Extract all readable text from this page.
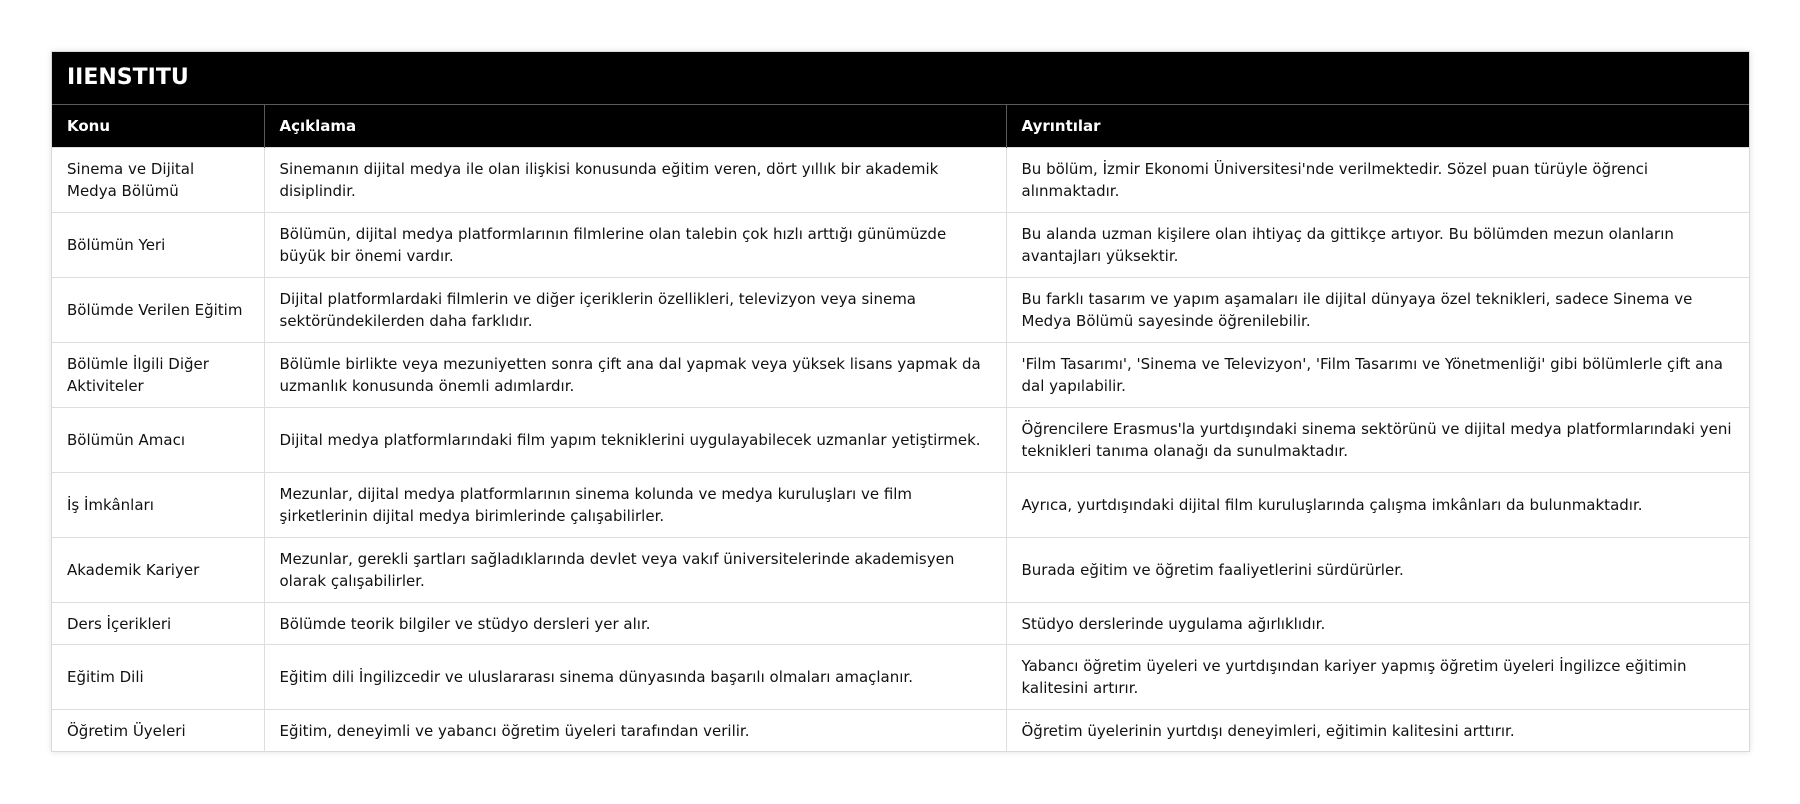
IIENSTITU
Konu	Açıklama	Ayrıntılar
Sinema ve Dijital Medya Bölümü	Sinemanın dijital medya ile olan ilişkisi konusunda eğitim veren, dört yıllık bir akademik disiplindir.	Bu bölüm, İzmir Ekonomi Üniversitesi'nde verilmektedir. Sözel puan türüyle öğrenci alınmaktadır.
Bölümün Yeri	Bölümün, dijital medya platformlarının filmlerine olan talebin çok hızlı arttığı günümüzde büyük bir önemi vardır.	Bu alanda uzman kişilere olan ihtiyaç da gittikçe artıyor. Bu bölümden mezun olanların avantajları yüksektir.
Bölümde Verilen Eğitim	Dijital platformlardaki filmlerin ve diğer içeriklerin özellikleri, televizyon veya sinema sektöründekilerden daha farklıdır.	Bu farklı tasarım ve yapım aşamaları ile dijital dünyaya özel teknikleri, sadece Sinema ve Medya Bölümü sayesinde öğrenilebilir.
Bölümle İlgili Diğer Aktiviteler	Bölümle birlikte veya mezuniyetten sonra çift ana dal yapmak veya yüksek lisans yapmak da uzmanlık konusunda önemli adımlardır.	'Film Tasarımı', 'Sinema ve Televizyon', 'Film Tasarımı ve Yönetmenliği' gibi bölümlerle çift ana dal yapılabilir.
Bölümün Amacı	Dijital medya platformlarındaki film yapım tekniklerini uygulayabilecek uzmanlar yetiştirmek.	Öğrencilere Erasmus'la yurtdışındaki sinema sektörünü ve dijital medya platformlarındaki yeni teknikleri tanıma olanağı da sunulmaktadır.
İş İmkânları	Mezunlar, dijital medya platformlarının sinema kolunda ve medya kuruluşları ve film şirketlerinin dijital medya birimlerinde çalışabilirler.	Ayrıca, yurtdışındaki dijital film kuruluşlarında çalışma imkânları da bulunmaktadır.
Akademik Kariyer	Mezunlar, gerekli şartları sağladıklarında devlet veya vakıf üniversitelerinde akademisyen olarak çalışabilirler.	Burada eğitim ve öğretim faaliyetlerini sürdürürler.
Ders İçerikleri	Bölümde teorik bilgiler ve stüdyo dersleri yer alır.	Stüdyo derslerinde uygulama ağırlıklıdır.
Eğitim Dili	Eğitim dili İngilizcedir ve uluslararası sinema dünyasında başarılı olmaları amaçlanır.	Yabancı öğretim üyeleri ve yurtdışından kariyer yapmış öğretim üyeleri İngilizce eğitimin kalitesini artırır.
Öğretim Üyeleri	Eğitim, deneyimli ve yabancı öğretim üyeleri tarafından verilir.	Öğretim üyelerinin yurtdışı deneyimleri, eğitimin kalitesini arttırır.
